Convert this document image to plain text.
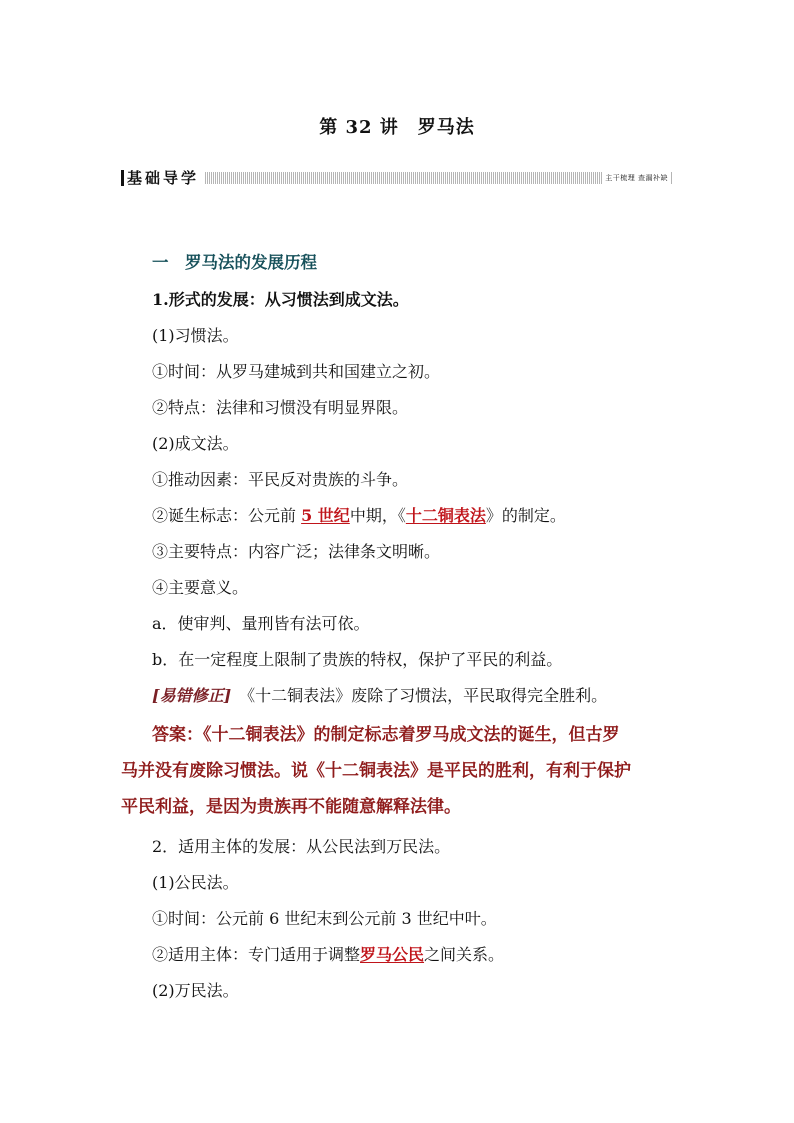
第 32 讲　罗马法
基础导学	主干梳理 查漏补缺
一　罗马法的发展历程
1.形式的发展：从习惯法到成文法。
(1)习惯法。
①时间：从罗马建城到共和国建立之初。
②特点：法律和习惯没有明显界限。
(2)成文法。
①推动因素：平民反对贵族的斗争。
②诞生标志：公元前 5 世纪中期，《十二铜表法》的制定。
③主要特点：内容广泛；法律条文明晰。
④主要意义。
a．使审判、量刑皆有法可依。
b．在一定程度上限制了贵族的特权，保护了平民的利益。
[易错修正]　《十二铜表法》废除了习惯法，平民取得完全胜利。
答案：《十二铜表法》的制定标志着罗马成文法的诞生，但古罗
马并没有废除习惯法。说《十二铜表法》是平民的胜利，有利于保护
平民利益，是因为贵族再不能随意解释法律。
2．适用主体的发展：从公民法到万民法。
(1)公民法。
①时间：公元前 6 世纪末到公元前 3 世纪中叶。
②适用主体：专门适用于调整罗马公民之间关系。
(2)万民法。
